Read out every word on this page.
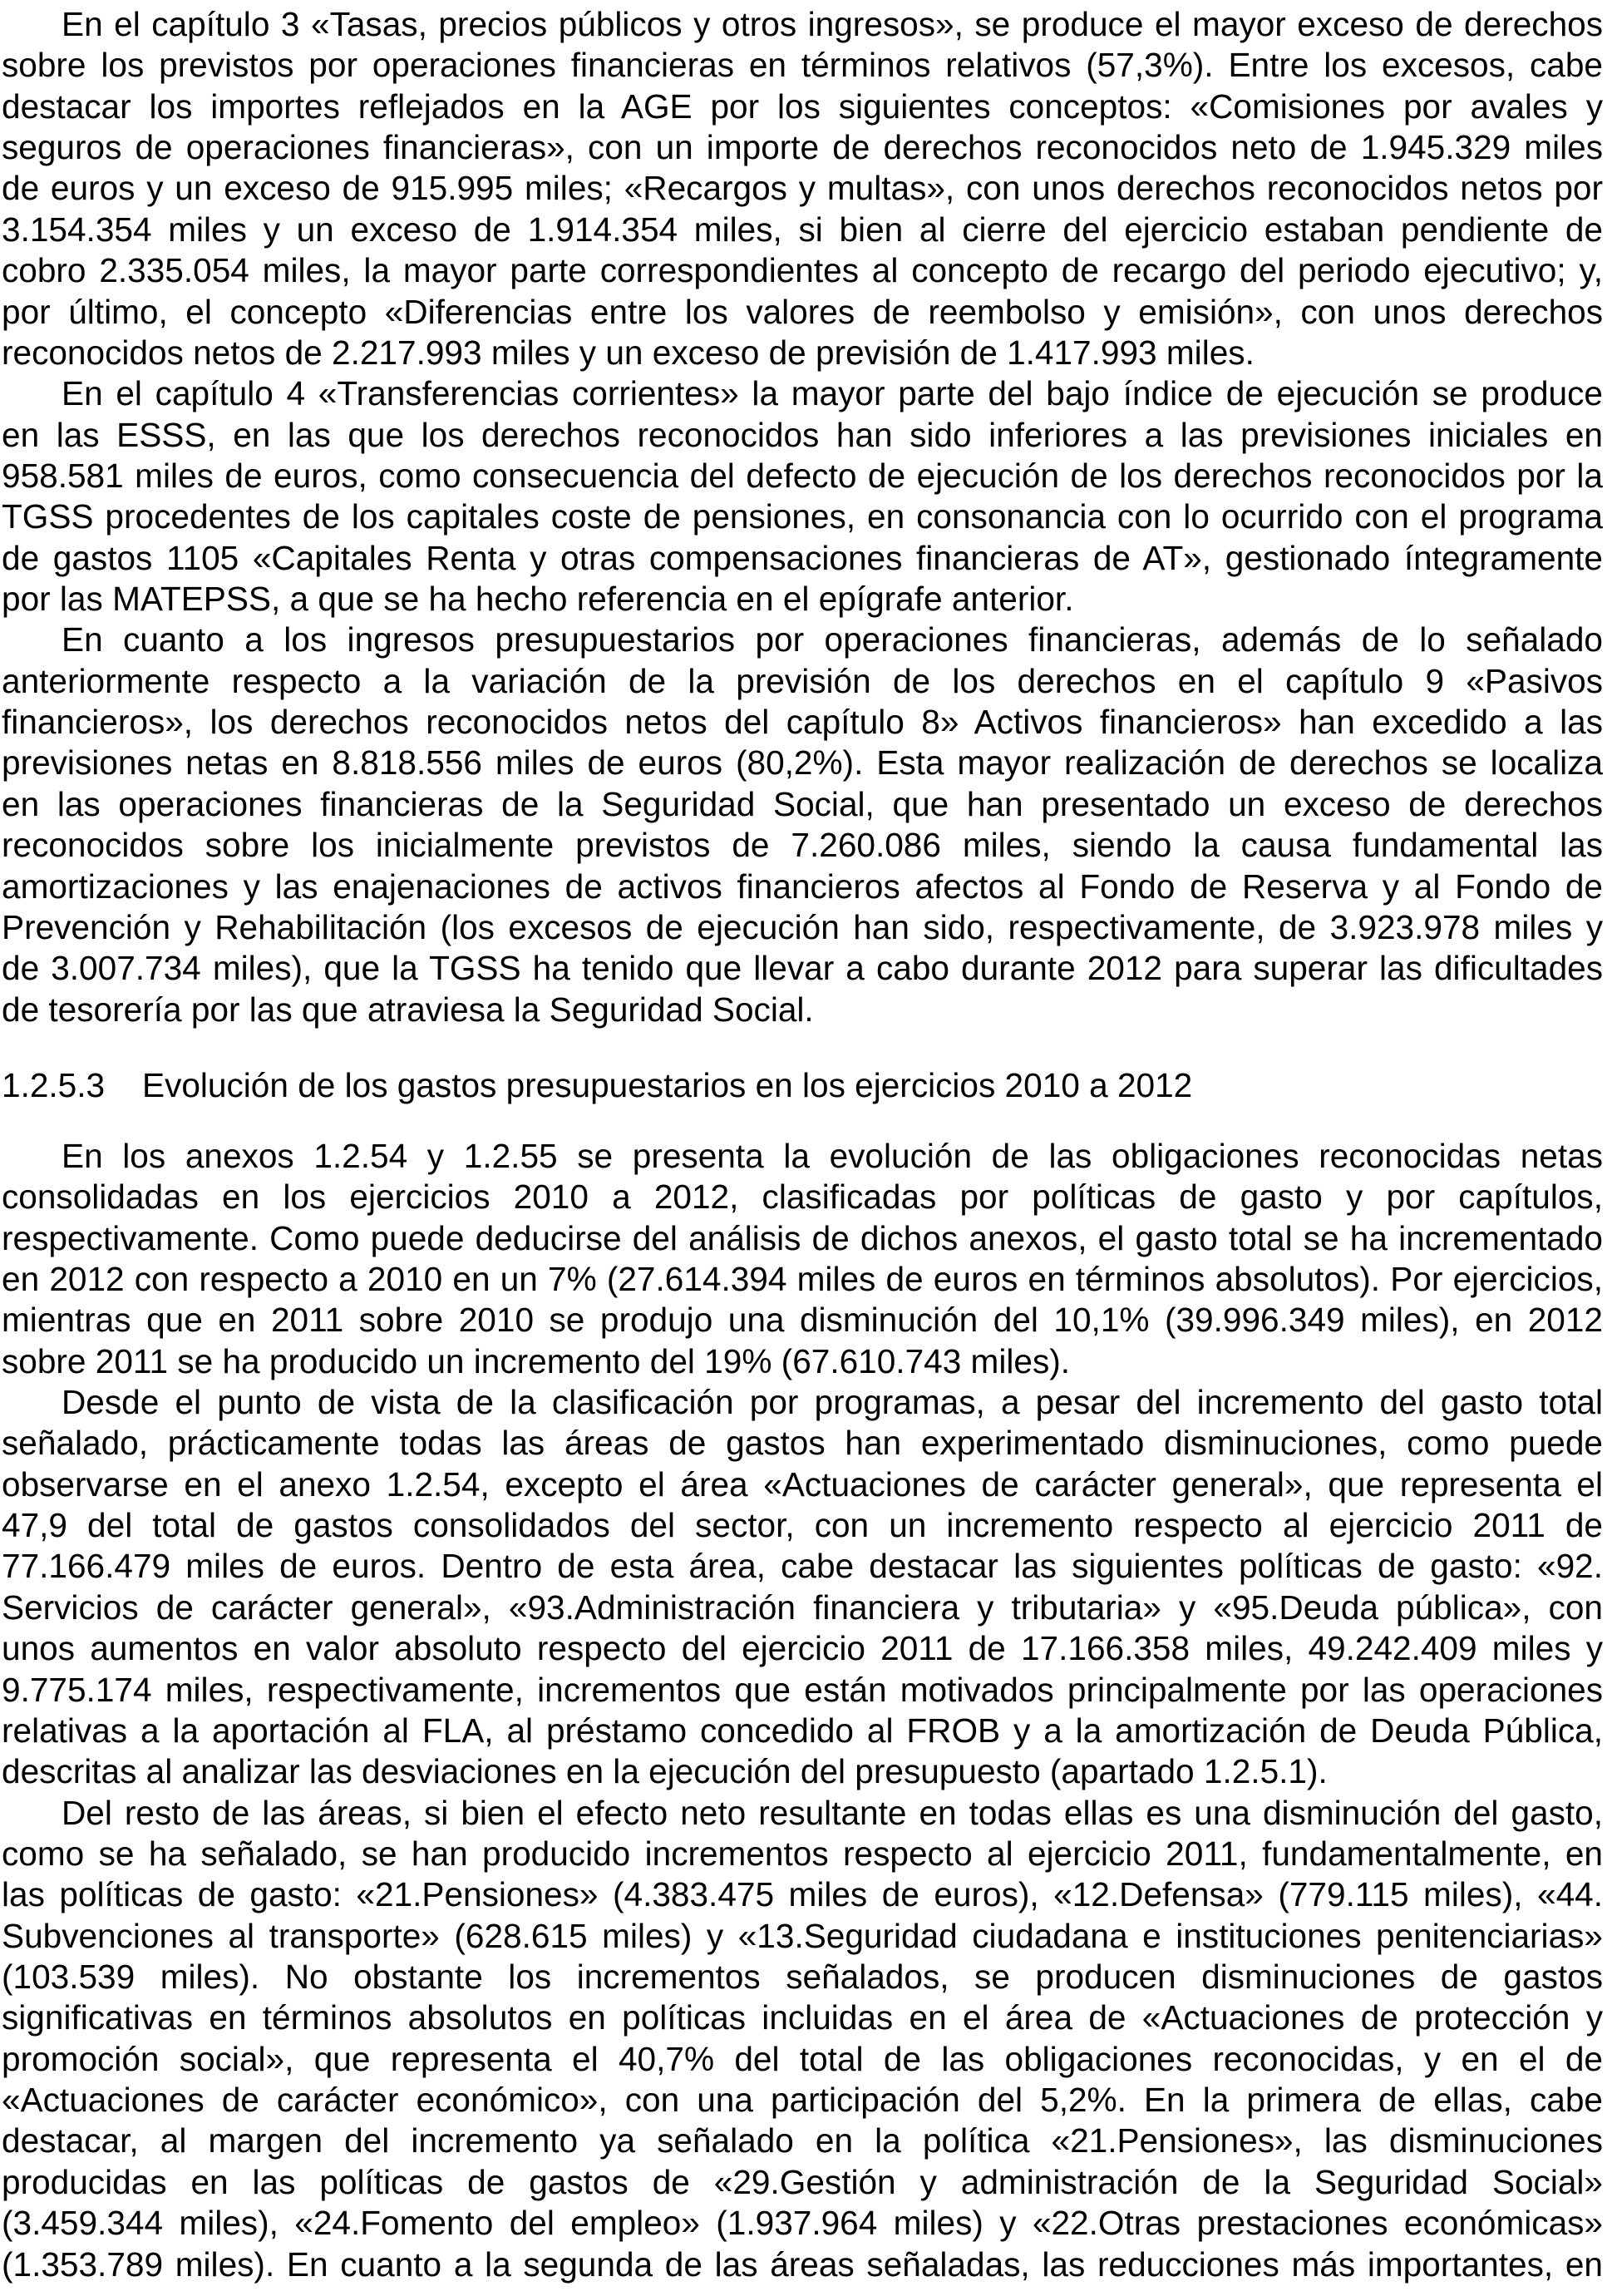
En el capítulo 3 «Tasas, precios públicos y otros ingresos», se produce el mayor exceso de derechos
sobre los previstos por operaciones financieras en términos relativos (57,3%). Entre los excesos, cabe
destacar los importes reflejados en la AGE por los siguientes conceptos: «Comisiones por avales y
seguros de operaciones financieras», con un importe de derechos reconocidos neto de 1.945.329 miles
de euros y un exceso de 915.995 miles; «Recargos y multas», con unos derechos reconocidos netos por
3.154.354 miles y un exceso de 1.914.354 miles, si bien al cierre del ejercicio estaban pendiente de
cobro 2.335.054 miles, la mayor parte correspondientes al concepto de recargo del periodo ejecutivo; y,
por último, el concepto «Diferencias entre los valores de reembolso y emisión», con unos derechos
reconocidos netos de 2.217.993 miles y un exceso de previsión de 1.417.993 miles.
En el capítulo 4 «Transferencias corrientes» la mayor parte del bajo índice de ejecución se produce
en las ESSS, en las que los derechos reconocidos han sido inferiores a las previsiones iniciales en
958.581 miles de euros, como consecuencia del defecto de ejecución de los derechos reconocidos por la
TGSS procedentes de los capitales coste de pensiones, en consonancia con lo ocurrido con el programa
de gastos 1105 «Capitales Renta y otras compensaciones financieras de AT», gestionado íntegramente
por las MATEPSS, a que se ha hecho referencia en el epígrafe anterior.
En cuanto a los ingresos presupuestarios por operaciones financieras, además de lo señalado
anteriormente respecto a la variación de la previsión de los derechos en el capítulo 9 «Pasivos
financieros», los derechos reconocidos netos del capítulo 8» Activos financieros» han excedido a las
previsiones netas en 8.818.556 miles de euros (80,2%). Esta mayor realización de derechos se localiza
en las operaciones financieras de la Seguridad Social, que han presentado un exceso de derechos
reconocidos sobre los inicialmente previstos de 7.260.086 miles, siendo la causa fundamental las
amortizaciones y las enajenaciones de activos financieros afectos al Fondo de Reserva y al Fondo de
Prevención y Rehabilitación (los excesos de ejecución han sido, respectivamente, de 3.923.978 miles y
de 3.007.734 miles), que la TGSS ha tenido que llevar a cabo durante 2012 para superar las dificultades
de tesorería por las que atraviesa la Seguridad Social.
1.2.5.3 Evolución de los gastos presupuestarios en los ejercicios 2010 a 2012
En los anexos 1.2.54 y 1.2.55 se presenta la evolución de las obligaciones reconocidas netas
consolidadas en los ejercicios 2010 a 2012, clasificadas por políticas de gasto y por capítulos,
respectivamente. Como puede deducirse del análisis de dichos anexos, el gasto total se ha incrementado
en 2012 con respecto a 2010 en un 7% (27.614.394 miles de euros en términos absolutos). Por ejercicios,
mientras que en 2011 sobre 2010 se produjo una disminución del 10,1% (39.996.349 miles), en 2012
sobre 2011 se ha producido un incremento del 19% (67.610.743 miles).
Desde el punto de vista de la clasificación por programas, a pesar del incremento del gasto total
señalado, prácticamente todas las áreas de gastos han experimentado disminuciones, como puede
observarse en el anexo 1.2.54, excepto el área «Actuaciones de carácter general», que representa el
47,9 del total de gastos consolidados del sector, con un incremento respecto al ejercicio 2011 de
77.166.479 miles de euros. Dentro de esta área, cabe destacar las siguientes políticas de gasto: «92.
Servicios de carácter general», «93.Administración financiera y tributaria» y «95.Deuda pública», con
unos aumentos en valor absoluto respecto del ejercicio 2011 de 17.166.358 miles, 49.242.409 miles y
9.775.174 miles, respectivamente, incrementos que están motivados principalmente por las operaciones
relativas a la aportación al FLA, al préstamo concedido al FROB y a la amortización de Deuda Pública,
descritas al analizar las desviaciones en la ejecución del presupuesto (apartado 1.2.5.1).
Del resto de las áreas, si bien el efecto neto resultante en todas ellas es una disminución del gasto,
como se ha señalado, se han producido incrementos respecto al ejercicio 2011, fundamentalmente, en
las políticas de gasto: «21.Pensiones» (4.383.475 miles de euros), «12.Defensa» (779.115 miles), «44.
Subvenciones al transporte» (628.615 miles) y «13.Seguridad ciudadana e instituciones penitenciarias»
(103.539 miles). No obstante los incrementos señalados, se producen disminuciones de gastos
significativas en términos absolutos en políticas incluidas en el área de «Actuaciones de protección y
promoción social», que representa el 40,7% del total de las obligaciones reconocidas, y en el de
«Actuaciones de carácter económico», con una participación del 5,2%. En la primera de ellas, cabe
destacar, al margen del incremento ya señalado en la política «21.Pensiones», las disminuciones
producidas en las políticas de gastos de «29.Gestión y administración de la Seguridad Social»
(3.459.344 miles), «24.Fomento del empleo» (1.937.964 miles) y «22.Otras prestaciones económicas»
(1.353.789 miles). En cuanto a la segunda de las áreas señaladas, las reducciones más importantes, en
